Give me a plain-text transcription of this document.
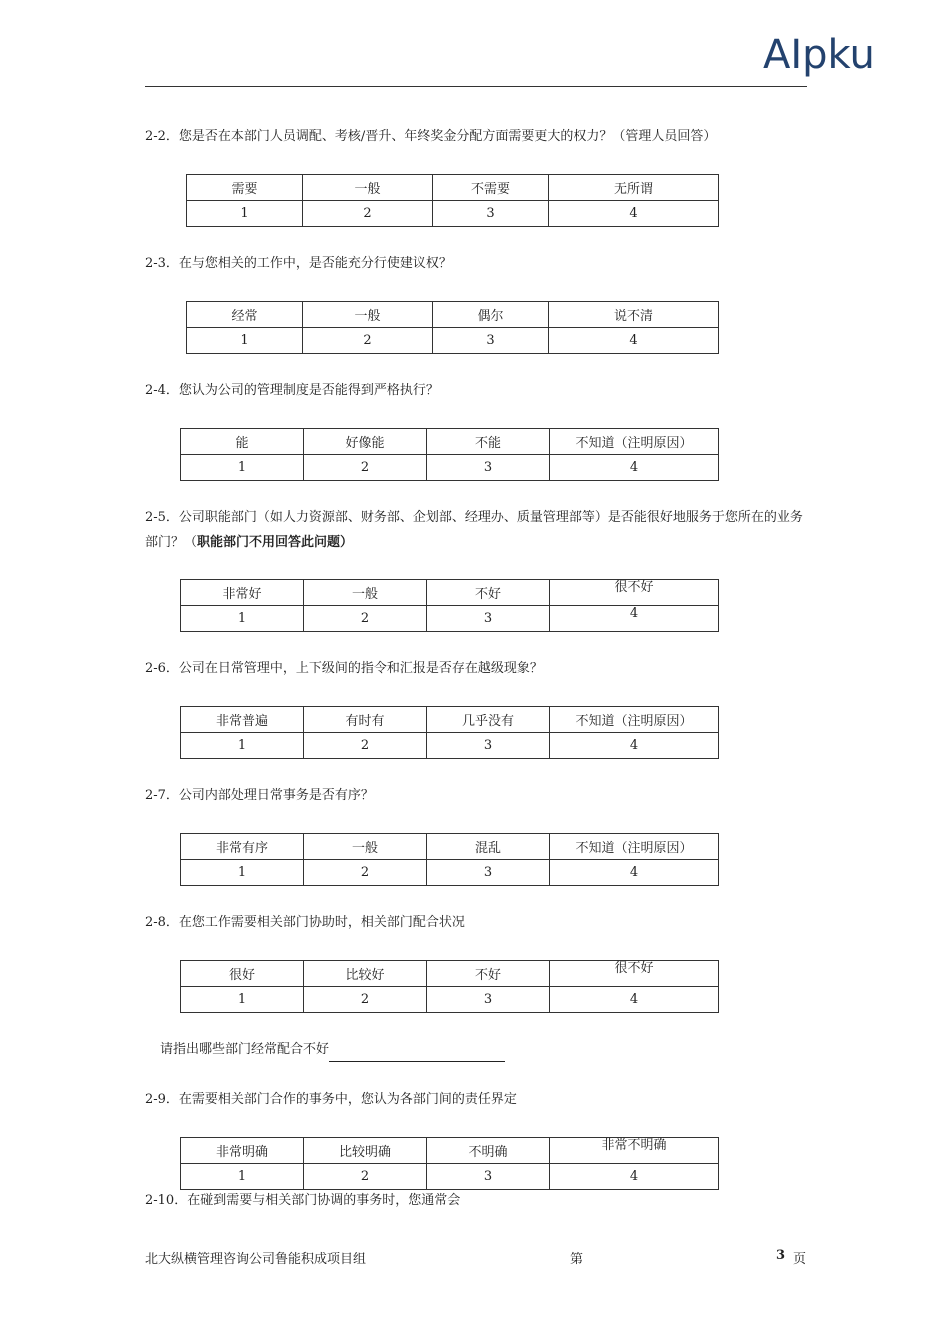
AIpku
2-2．您是否在本部门人员调配、考核/晋升、年终奖金分配方面需要更大的权力？（管理人员回答）
需要	一般	不需要	无所谓
1	2	3	4
2-3．在与您相关的工作中，是否能充分行使建议权？
经常	一般	偶尔	说不清
1	2	3	4
2-4．您认为公司的管理制度是否能得到严格执行？
能	好像能	不能	不知道（注明原因）
1	2	3	4
2-5．公司职能部门（如人力资源部、财务部、企划部、经理办、质量管理部等）是否能很好地服务于您所在的业务部门？（职能部门不用回答此问题）
非常好	一般	不好	很不好
1	2	3	4
2-6．公司在日常管理中，上下级间的指令和汇报是否存在越级现象？
非常普遍	有时有	几乎没有	不知道（注明原因）
1	2	3	4
2-7．公司内部处理日常事务是否有序？
非常有序	一般	混乱	不知道（注明原因）
1	2	3	4
2-8．在您工作需要相关部门协助时，相关部门配合状况
很好	比较好	不好	很不好
1	2	3	4
请指出哪些部门经常配合不好
2-9．在需要相关部门合作的事务中，您认为各部门间的责任界定
非常明确	比较明确	不明确	非常不明确
1	2	3	4
2-10．在碰到需要与相关部门协调的事务时，您通常会
北大纵横管理咨询公司鲁能积成项目组	第	3 页
